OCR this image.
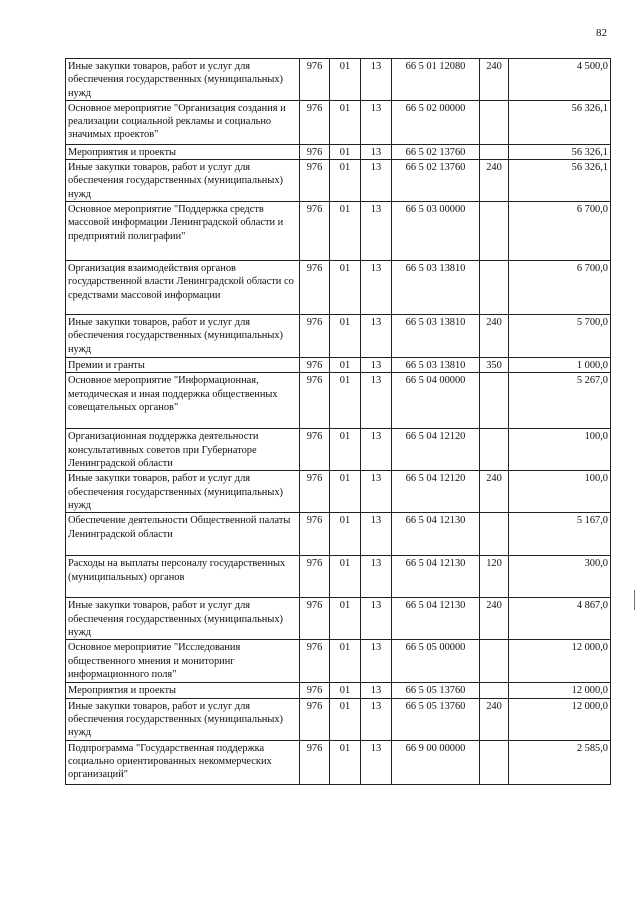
82
Иные закупки товаров, работ и услуг для обеспечения государственных (муниципальных) нужд	976	01	13	66 5 01 12080	240	4 500,0
Основное мероприятие "Организация создания и реализации социальной рекламы и социально значимых проектов"	976	01	13	66 5 02 00000		56 326,1
Мероприятия и проекты	976	01	13	66 5 02 13760		56 326,1
Иные закупки товаров, работ и услуг для обеспечения государственных (муниципальных) нужд	976	01	13	66 5 02 13760	240	56 326,1
Основное мероприятие "Поддержка средств массовой информации Ленинградской области и предприятий полиграфии"	976	01	13	66 5 03 00000		6 700,0
Организация взаимодействия органов государственной власти Ленинградской области со средствами массовой информации	976	01	13	66 5 03 13810		6 700,0
Иные закупки товаров, работ и услуг для обеспечения государственных (муниципальных) нужд	976	01	13	66 5 03 13810	240	5 700,0
Премии и гранты	976	01	13	66 5 03 13810	350	1 000,0
Основное мероприятие "Информационная, методическая и иная поддержка общественных совещательных органов"	976	01	13	66 5 04 00000		5 267,0
Организационная поддержка деятельности консультативных советов при Губернаторе Ленинградской области	976	01	13	66 5 04 12120		100,0
Иные закупки товаров, работ и услуг для обеспечения государственных (муниципальных) нужд	976	01	13	66 5 04 12120	240	100,0
Обеспечение деятельности Общественной палаты Ленинградской области	976	01	13	66 5 04 12130		5 167,0
Расходы на выплаты персоналу государственных (муниципальных) органов	976	01	13	66 5 04 12130	120	300,0
Иные закупки товаров, работ и услуг для обеспечения государственных (муниципальных) нужд	976	01	13	66 5 04 12130	240	4 867,0
Основное мероприятие "Исследования общественного мнения и мониторинг информационного поля"	976	01	13	66 5 05 00000		12 000,0
Мероприятия и проекты	976	01	13	66 5 05 13760		12 000,0
Иные закупки товаров, работ и услуг для обеспечения государственных (муниципальных) нужд	976	01	13	66 5 05 13760	240	12 000,0
Подпрограмма "Государственная поддержка социально ориентированных некоммерческих организаций"	976	01	13	66 9 00 00000		2 585,0
